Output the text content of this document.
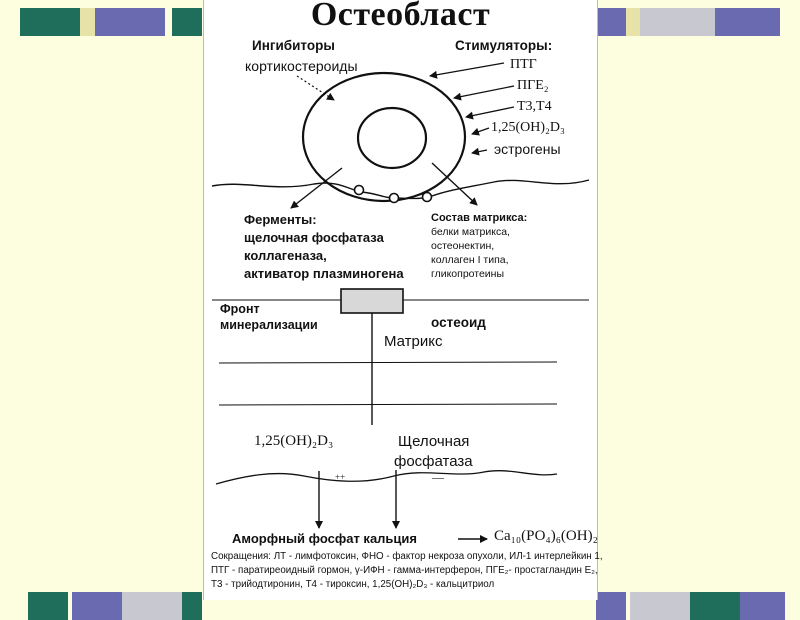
Остеобласт
Ингибиторы
кортикостероиды
Стимуляторы:
ПТГ
ПГЕ₂
Т3,Т4
1,25(ОН)₂D₃
эстрогены
Ферменты:
щелочная фосфатаза
коллагеназа,
активатор плазминогена
Состав матрикса:
белки матрикса,
остеонектин,
коллаген I типа,
гликопротеины
Фронт
минерализации	остеоид
Матрикс
1,25(ОН)₂D₃	Щелочная
фосфатаза
++	—
Аморфный фосфат кальция	Са₁₀(РО₄)₆(ОН)₂
Сокращения: ЛТ - лимфотоксин, ФНО - фактор некроза опухоли, ИЛ-1 интерлейкин 1,
ПТГ - паратиреоидный гормон, γ-ИФН - гамма-интерферон, ПГЕ₂- простагландин Е₂,
Т3 - трийодтиронин, Т4 - тироксин, 1,25(ОН)₂D₃ - кальцитриол
